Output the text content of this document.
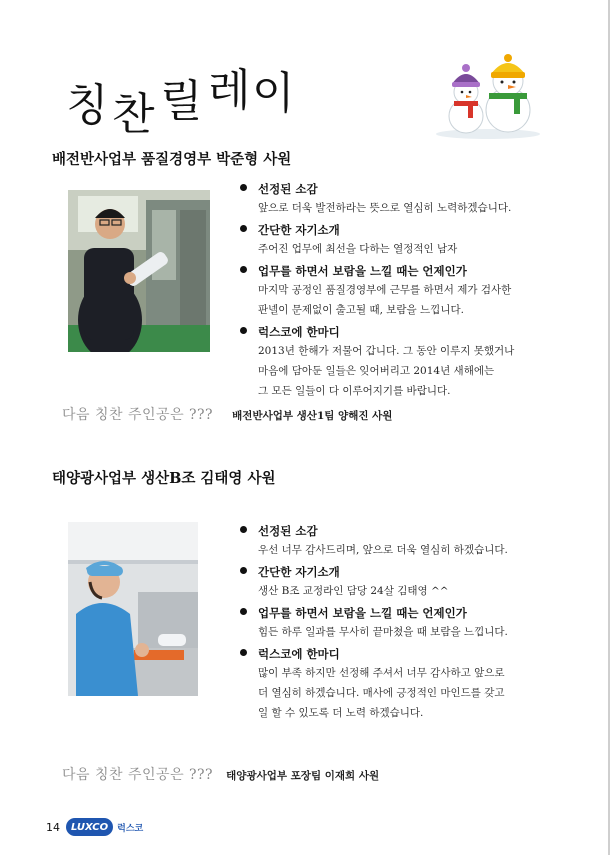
칭 찬 릴 레 이
배전반사업부 품질경영부 박준형 사원
선정된 소감
앞으로 더욱 발전하라는 뜻으로 열심히 노력하겠습니다.
간단한 자기소개
주어진 업무에 최선을 다하는 열정적인 남자
업무를 하면서 보람을 느낄 때는 언제인가
마지막 공정인 품질경영부에 근무를 하면서 제가 검사한
판넬이 문제없이 출고될 때, 보람을 느낍니다.
럭스코에 한마디
2013년 한해가 저물어 갑니다. 그 동안 이루지 못했거나
마음에 담아둔 일들은 잊어버리고 2014년 새해에는
그 모든 일들이 다 이루어지기를 바랍니다.
다음 칭찬 주인공은 ??? 배전반사업부 생산1팀 양해진 사원
태양광사업부 생산B조 김태영 사원
선정된 소감
우선 너무 감사드리며, 앞으로 더욱 열심히 하겠습니다.
간단한 자기소개
생산 B조 교정라인 담당 24살 김태영 ^^
업무를 하면서 보람을 느낄 때는 언제인가
힘든 하루 일과를 무사히 끝마쳤을 때 보람을 느낍니다.
럭스코에 한마디
많이 부족 하지만 선정해 주셔서 너무 감사하고 앞으로
더 열심히 하겠습니다. 매사에 긍정적인 마인드를 갖고
일 할 수 있도록 더 노력 하겠습니다.
다음 칭찬 주인공은 ??? 태양광사업부 포장팀 이재희 사원
14	LUXCO	럭스코
